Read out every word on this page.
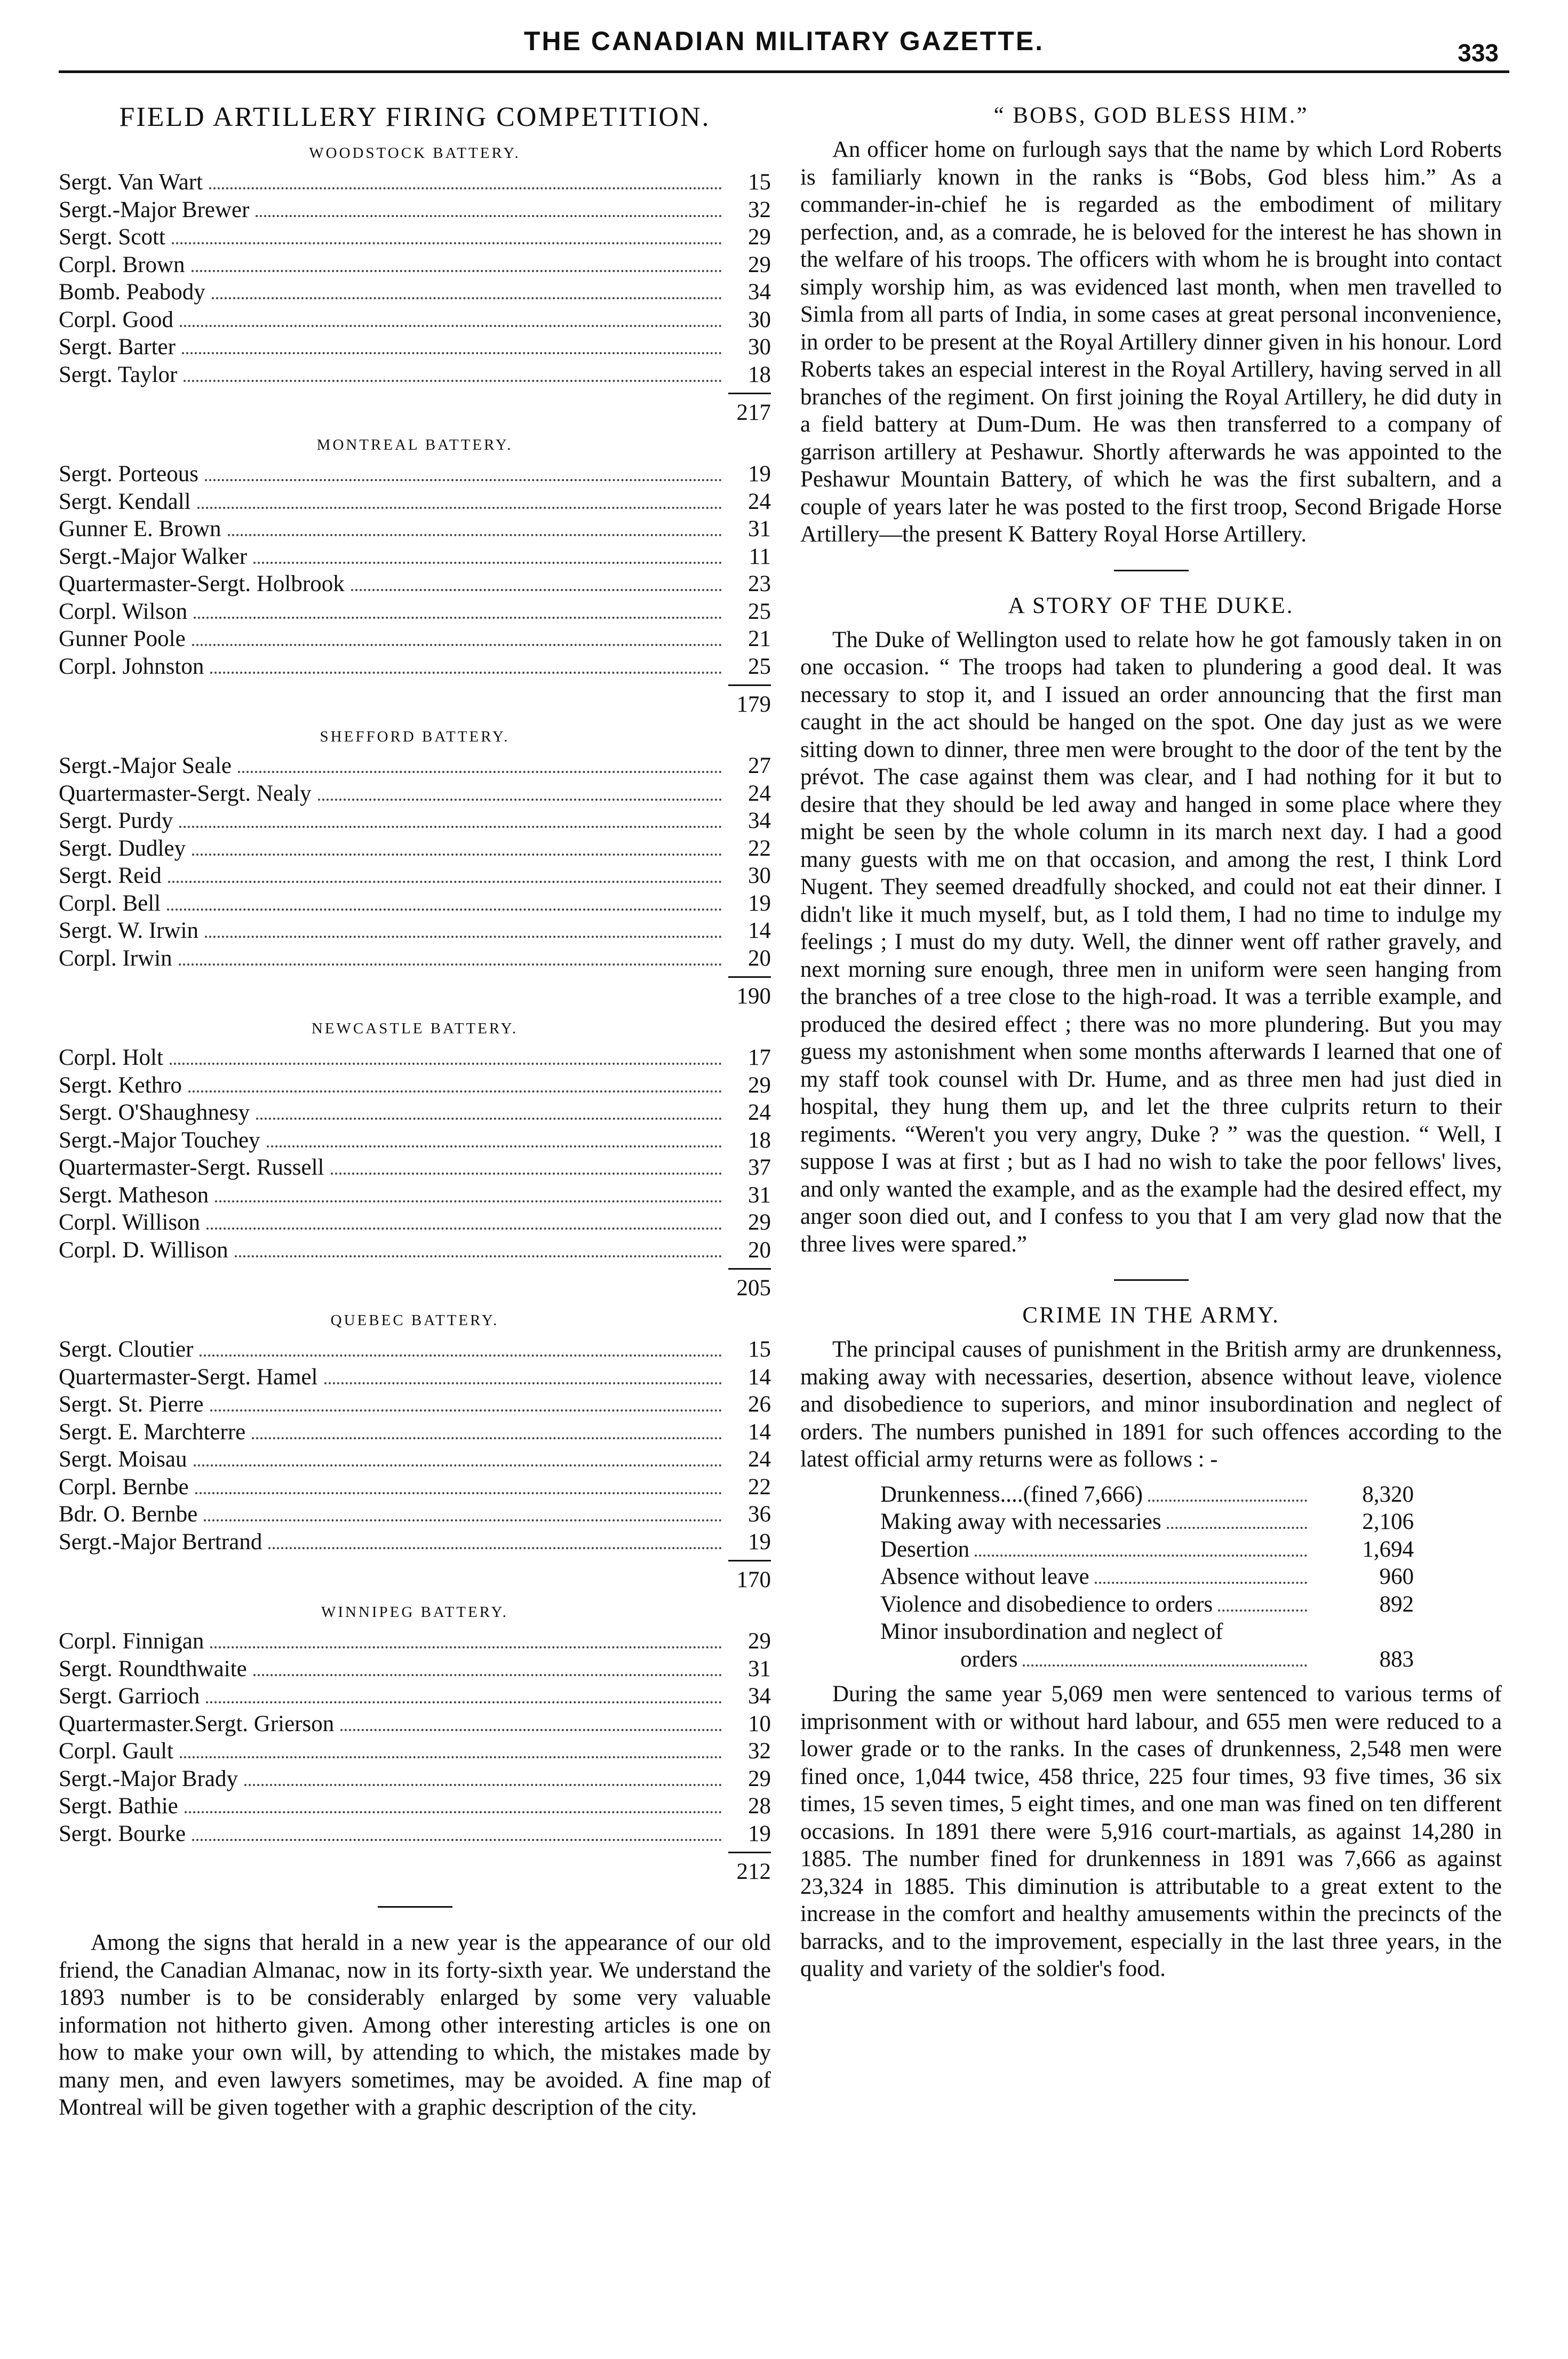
THE CANADIAN MILITARY GAZETTE.	333
FIELD ARTILLERY FIRING COMPETITION.
WOODSTOCK BATTERY.
Sergt. Van Wart	15
Sergt.-Major Brewer	32
Sergt. Scott	29
Corpl. Brown	29
Bomb. Peabody	34
Corpl. Good	30
Sergt. Barter	30
Sergt. Taylor	18
217
MONTREAL BATTERY.
Sergt. Porteous	19
Sergt. Kendall	24
Gunner E. Brown	31
Sergt.-Major Walker	11
Quartermaster-Sergt. Holbrook	23
Corpl. Wilson	25
Gunner Poole	21
Corpl. Johnston	25
179
SHEFFORD BATTERY.
Sergt.-Major Seale	27
Quartermaster-Sergt. Nealy	24
Sergt. Purdy	34
Sergt. Dudley	22
Sergt. Reid	30
Corpl. Bell	19
Sergt. W. Irwin	14
Corpl. Irwin	20
190
NEWCASTLE BATTERY.
Corpl. Holt	17
Sergt. Kethro	29
Sergt. O'Shaughnesy	24
Sergt.-Major Touchey	18
Quartermaster-Sergt. Russell	37
Sergt. Matheson	31
Corpl. Willison	29
Corpl. D. Willison	20
205
QUEBEC BATTERY.
Sergt. Cloutier	15
Quartermaster-Sergt. Hamel	14
Sergt. St. Pierre	26
Sergt. E. Marchterre	14
Sergt. Moisau	24
Corpl. Bernbe	22
Bdr. O. Bernbe	36
Sergt.-Major Bertrand	19
170
WINNIPEG BATTERY.
Corpl. Finnigan	29
Sergt. Roundthwaite	31
Sergt. Garrioch	34
Quartermaster.Sergt. Grierson	10
Corpl. Gault	32
Sergt.-Major Brady	29
Sergt. Bathie	28
Sergt. Bourke	19
212

Among the signs that herald in a new year is the appearance of our old friend, the Canadian Almanac, now in its forty-sixth year. We understand the 1893 number is to be considerably enlarged by some very valuable information not hitherto given. Among other interesting articles is one on how to make your own will, by attending to which, the mistakes made by many men, and even lawyers sometimes, may be avoided. A fine map of Montreal will be given together with a graphic description of the city.

“ BOBS, GOD BLESS HIM.”

An officer home on furlough says that the name by which Lord Roberts is familiarly known in the ranks is “Bobs, God bless him.” As a commander-in-chief he is regarded as the embodiment of military perfection, and, as a comrade, he is beloved for the interest he has shown in the welfare of his troops. The officers with whom he is brought into contact simply worship him, as was evidenced last month, when men travelled to Simla from all parts of India, in some cases at great personal inconvenience, in order to be present at the Royal Artillery dinner given in his honour. Lord Roberts takes an especial interest in the Royal Artillery, having served in all branches of the regiment. On first joining the Royal Artillery, he did duty in a field battery at Dum-Dum. He was then transferred to a company of garrison artillery at Peshawur. Shortly afterwards he was appointed to the Peshawur Mountain Battery, of which he was the first subaltern, and a couple of years later he was posted to the first troop, Second Brigade Horse Artillery—the present K Battery Royal Horse Artillery.

A STORY OF THE DUKE.

The Duke of Wellington used to relate how he got famously taken in on one occasion. “ The troops had taken to plundering a good deal. It was necessary to stop it, and I issued an order announcing that the first man caught in the act should be hanged on the spot. One day just as we were sitting down to dinner, three men were brought to the door of the tent by the prévot. The case against them was clear, and I had nothing for it but to desire that they should be led away and hanged in some place where they might be seen by the whole column in its march next day. I had a good many guests with me on that occasion, and among the rest, I think Lord Nugent. They seemed dreadfully shocked, and could not eat their dinner. I didn't like it much myself, but, as I told them, I had no time to indulge my feelings ; I must do my duty. Well, the dinner went off rather gravely, and next morning sure enough, three men in uniform were seen hanging from the branches of a tree close to the high-road. It was a terrible example, and produced the desired effect ; there was no more plundering. But you may guess my astonishment when some months afterwards I learned that one of my staff took counsel with Dr. Hume, and as three men had just died in hospital, they hung them up, and let the three culprits return to their regiments. “Weren't you very angry, Duke ? ” was the question. “ Well, I suppose I was at first ; but as I had no wish to take the poor fellows' lives, and only wanted the example, and as the example had the desired effect, my anger soon died out, and I confess to you that I am very glad now that the three lives were spared.”

CRIME IN THE ARMY.

The principal causes of punishment in the British army are drunkenness, making away with necessaries, desertion, absence without leave, violence and disobedience to superiors, and minor insubordination and neglect of orders. The numbers punished in 1891 for such offences according to the latest official army returns were as follows : -

Drunkenness....(fined 7,666)	8,320
Making away with necessaries	2,106
Desertion	1,694
Absence without leave	960
Violence and disobedience to orders	892
Minor insubordination and neglect of
orders	883

During the same year 5,069 men were sentenced to various terms of imprisonment with or without hard labour, and 655 men were reduced to a lower grade or to the ranks. In the cases of drunkenness, 2,548 men were fined once, 1,044 twice, 458 thrice, 225 four times, 93 five times, 36 six times, 15 seven times, 5 eight times, and one man was fined on ten different occasions. In 1891 there were 5,916 court-martials, as against 14,280 in 1885. The number fined for drunkenness in 1891 was 7,666 as against 23,324 in 1885. This diminution is attributable to a great extent to the increase in the comfort and healthy amusements within the precincts of the barracks, and to the improvement, especially in the last three years, in the quality and variety of the soldier's food.
